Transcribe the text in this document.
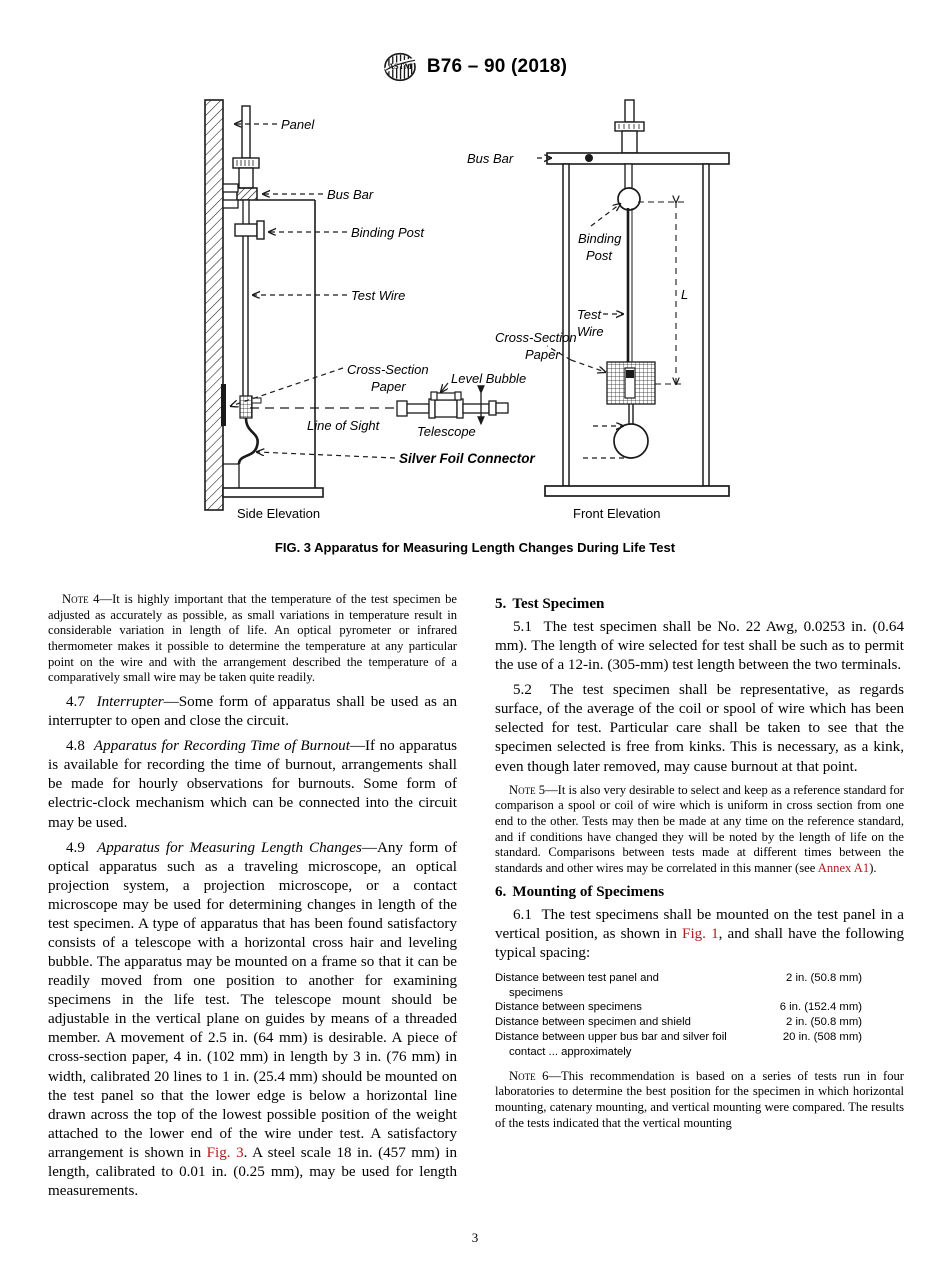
ASTM B76 – 90 (2018)
Panel
Bus Bar
Binding Post
Test Wire
Cross-Section
Paper
Line of Sight	Telescope
Level Bubble
Silver Foil Connector
Side Elevation
L
Bus Bar
Binding
Post
Test
Wire
Cross-Section
Paper
Front Elevation
FIG. 3 Apparatus for Measuring Length Changes During Life Test

Note 4—It is highly important that the temperature of the test specimen be adjusted as accurately as possible, as small variations in temperature result in considerable variation in length of life. An optical pyrometer or infrared thermometer makes it possible to determine the temperature at any particular point on the wire and with the arrangement described the temperature of a comparatively small wire may be taken quite readily.

4.7 Interrupter—Some form of apparatus shall be used as an interrupter to open and close the circuit.

4.8 Apparatus for Recording Time of Burnout—If no apparatus is available for recording the time of burnout, arrangements shall be made for hourly observations for burnouts. Some form of electric-clock mechanism which can be connected into the circuit may be used.

4.9 Apparatus for Measuring Length Changes—Any form of optical apparatus such as a traveling microscope, an optical projection system, a projection microscope, or a contact microscope may be used for determining changes in length of the test specimen. A type of apparatus that has been found satisfactory consists of a telescope with a horizontal cross hair and leveling bubble. The apparatus may be mounted on a frame so that it can be readily moved from one position to another for examining specimens in the life test. The telescope mount should be adjustable in the vertical plane on guides by means of a threaded member. A movement of 2.5 in. (64 mm) is desirable. A piece of cross-section paper, 4 in. (102 mm) in length by 3 in. (76 mm) in width, calibrated 20 lines to 1 in. (25.4 mm) should be mounted on the test panel so that the lower edge is below a horizontal line drawn across the top of the lowest possible position of the weight attached to the lower end of the wire under test. A satisfactory arrangement is shown in Fig. 3. A steel scale 18 in. (457 mm) in length, calibrated to 0.01 in. (0.25 mm), may be used for length measurements.

5. Test Specimen

5.1 The test specimen shall be No. 22 Awg, 0.0253 in. (0.64 mm). The length of wire selected for test shall be such as to permit the use of a 12-in. (305-mm) test length between the two terminals.

5.2 The test specimen shall be representative, as regards surface, of the average of the coil or spool of wire which has been selected for test. Particular care shall be taken to see that the specimen selected is free from kinks. This is necessary, as a kink, even though later removed, may cause burnout at that point.

Note 5—It is also very desirable to select and keep as a reference standard for comparison a spool or coil of wire which is uniform in cross section from one end to the other. Tests may then be made at any time on the reference standard, and if conditions have changed they will be noted by the length of life on the standard. Comparisons between tests made at different times between the standards and other wires may be correlated in this manner (see Annex A1).

6. Mounting of Specimens

6.1 The test specimens shall be mounted on the test panel in a vertical position, as shown in Fig. 1, and shall have the following typical spacing:

Distance between test panel and
specimens	2 in. (50.8 mm)
Distance between specimens	6 in. (152.4 mm)
Distance between specimen and shield	2 in. (50.8 mm)
Distance between upper bus bar and silver foil
contact ... approximately	20 in. (508 mm)

Note 6—This recommendation is based on a series of tests run in four laboratories to determine the best position for the specimen in which horizontal mounting, catenary mounting, and vertical mounting were compared. The results of the tests indicated that the vertical mounting

3
